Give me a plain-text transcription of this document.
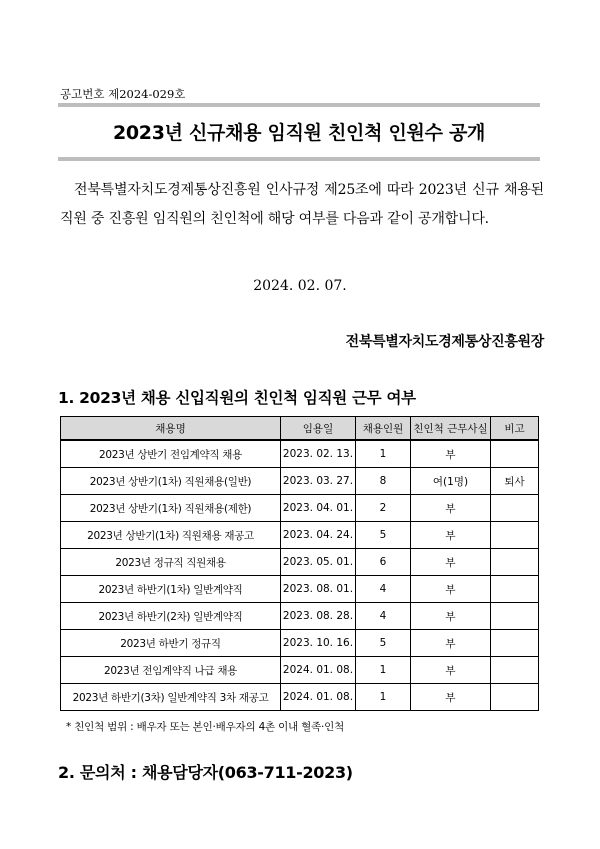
공고번호 제2024-029호
2023년 신규채용 임직원 친인척 인원수 공개
전북특별자치도경제통상진흥원 인사규정 제25조에 따라 2023년 신규 채용된 직원 중 진흥원 임직원의 친인척에 해당 여부를 다음과 같이 공개합니다.
2024. 02. 07.
전북특별자치도경제통상진흥원장
1. 2023년 채용 신입직원의 친인척 임직원 근무 여부
채용명	임용일	채용인원	친인척 근무사실	비고
2023년 상반기 전임계약직 채용	2023. 02. 13.	1	부	
2023년 상반기(1차) 직원채용(일반)	2023. 03. 27.	8	여(1명)	퇴사
2023년 상반기(1차) 직원채용(제한)	2023. 04. 01.	2	부	
2023년 상반기(1차) 직원채용 재공고	2023. 04. 24.	5	부	
2023년 정규직 직원채용	2023. 05. 01.	6	부	
2023년 하반기(1차) 일반계약직	2023. 08. 01.	4	부	
2023년 하반기(2차) 일반계약직	2023. 08. 28.	4	부	
2023년 하반기 정규직	2023. 10. 16.	5	부	
2023년 전임계약직 나급 채용	2024. 01. 08.	1	부	
2023년 하반기(3차) 일반계약직 3차 재공고	2024. 01. 08.	1	부	
* 친인척 범위 : 배우자 또는 본인·배우자의 4촌 이내 혈족·인척
2. 문의처 : 채용담당자(063-711-2023)
